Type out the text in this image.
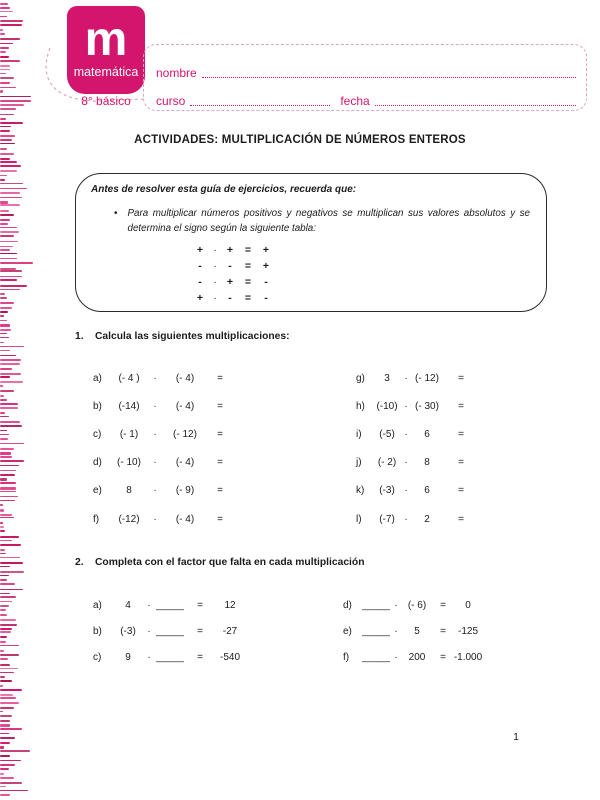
m
matemática
8° básico
nombre
curso	fecha
ACTIVIDADES: MULTIPLICACIÓN DE NÚMEROS ENTEROS

Antes de resolver esta guía de ejercicios, recuerda que:

• Para multiplicar números positivos y negativos se multiplican sus valores absolutos y se determina el signo según la siguiente tabla:

+ · +	=	+
-	·	-	=	+
-	· +	=	-
+ ·	-	=	-
1. Calcula las siguientes multiplicaciones:
a)	(- 4 )	·	(- 4)	=
b)	(-14)	·	(- 4)	=
c)	(- 1)	·	(- 12)	=
d)	(- 10)	·	(- 4)	=
e)	8	·	(- 9)	=
f)	(-12)	·	(- 4)	=
g)	3	· (- 12)	=
h)	(-10) · (- 30)	=
i)	(-5) ·	6	=
j)	(- 2) ·	8	=
k)	(-3) ·	6	=
l)	(-7) ·	2	=
2. Completa con el factor que falta en cada multiplicación
a)	4	· _____	=	12
b)	(-3)	· _____	=	-27
c)	9	· _____	=	-540
d)	_____ ·	(- 6)	=	0
e)	_____ ·	5	=	-125
f)	_____ ·	200	= -1.000
1
